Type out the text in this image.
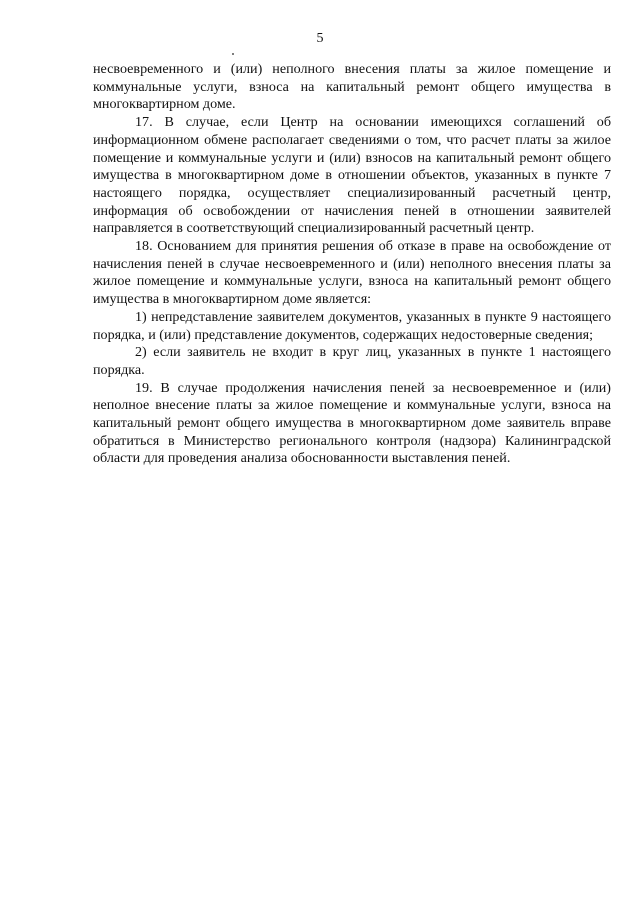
5

несвоевременного и (или) неполного внесения платы за жилое помещение и коммунальные услуги, взноса на капитальный ремонт общего имущества в многоквартирном доме.

17. В случае, если Центр на основании имеющихся соглашений об информационном обмене располагает сведениями о том, что расчет платы за жилое помещение и коммунальные услуги и (или) взносов на капитальный ремонт общего имущества в многоквартирном доме в отношении объектов, указанных в пункте 7 настоящего порядка, осуществляет специализированный расчетный центр, информация об освобождении от начисления пеней в отношении заявителей направляется в соответствующий специализированный расчетный центр.

18. Основанием для принятия решения об отказе в праве на освобождение от начисления пеней в случае несвоевременного и (или) неполного внесения платы за жилое помещение и коммунальные услуги, взноса на капитальный ремонт общего имущества в многоквартирном доме является:

1) непредставление заявителем документов, указанных в пункте 9 настоящего порядка, и (или) представление документов, содержащих недостоверные сведения;

2) если заявитель не входит в круг лиц, указанных в пункте 1 настоящего порядка.

19. В случае продолжения начисления пеней за несвоевременное и (или) неполное внесение платы за жилое помещение и коммунальные услуги, взноса на капитальный ремонт общего имущества в многоквартирном доме заявитель вправе обратиться в Министерство регионального контроля (надзора) Калининградской области для проведения анализа обоснованности выставления пеней.
